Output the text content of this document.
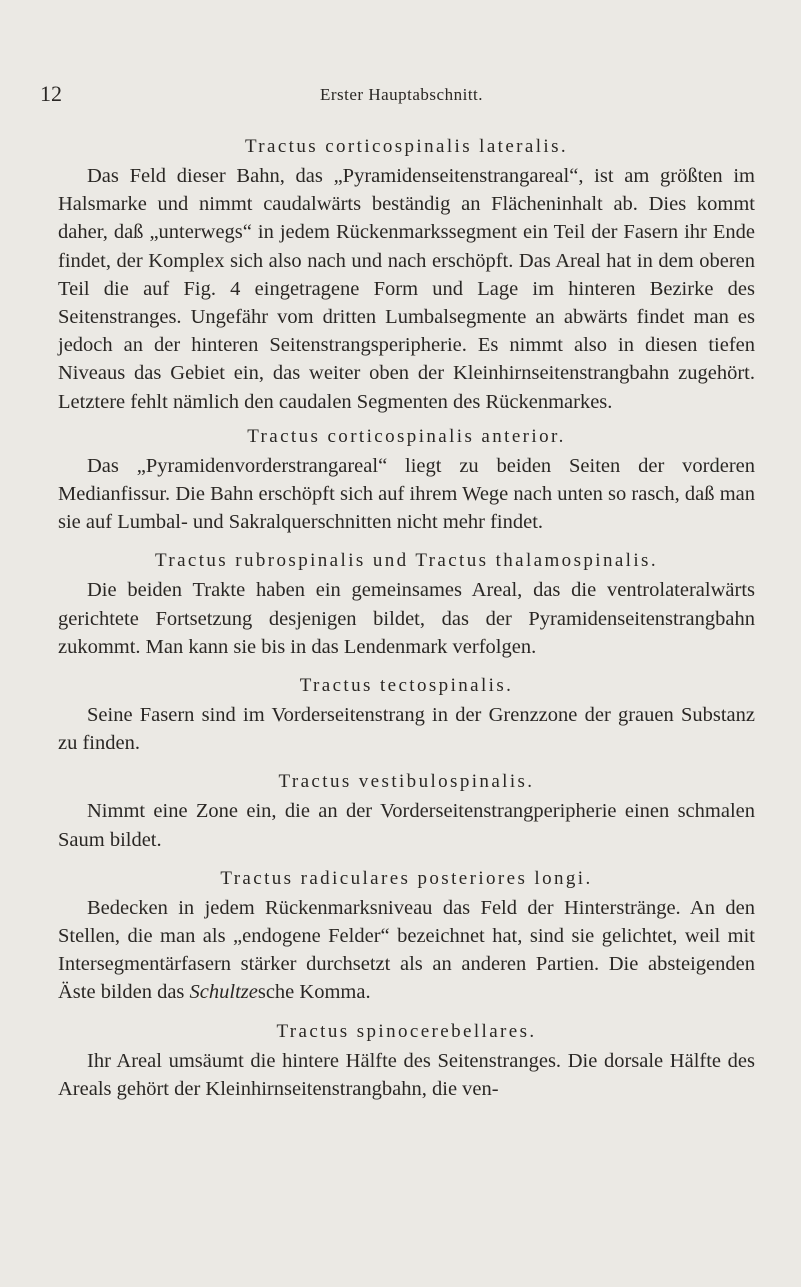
12	Erster Hauptabschnitt.

Tractus corticospinalis lateralis.

Das Feld dieser Bahn, das „Pyramidenseitenstrangareal“, ist am größten im Halsmarke und nimmt caudalwärts beständig an Flächeninhalt ab. Dies kommt daher, daß „unterwegs“ in jedem Rückenmarkssegment ein Teil der Fasern ihr Ende findet, der Komplex sich also nach und nach erschöpft. Das Areal hat in dem oberen Teil die auf Fig. 4 eingetragene Form und Lage im hinteren Bezirke des Seitenstranges. Ungefähr vom dritten Lumbalsegmente an abwärts findet man es jedoch an der hinteren Seitenstrangsperipherie. Es nimmt also in diesen tiefen Niveaus das Gebiet ein, das weiter oben der Kleinhirnseitenstrangbahn zugehört. Letztere fehlt nämlich den caudalen Segmenten des Rückenmarkes.

Tractus corticospinalis anterior.

Das „Pyramidenvorderstrangareal“ liegt zu beiden Seiten der vorderen Medianfissur. Die Bahn erschöpft sich auf ihrem Wege nach unten so rasch, daß man sie auf Lumbal- und Sakralquerschnitten nicht mehr findet.

Tractus rubrospinalis und Tractus thalamospinalis.

Die beiden Trakte haben ein gemeinsames Areal, das die ventrolateralwärts gerichtete Fortsetzung desjenigen bildet, das der Pyramidenseitenstrangbahn zukommt. Man kann sie bis in das Lendenmark verfolgen.

Tractus tectospinalis.

Seine Fasern sind im Vorderseitenstrang in der Grenzzone der grauen Substanz zu finden.

Tractus vestibulospinalis.

Nimmt eine Zone ein, die an der Vorderseitenstrangperipherie einen schmalen Saum bildet.

Tractus radiculares posteriores longi.

Bedecken in jedem Rückenmarksniveau das Feld der Hinterstränge. An den Stellen, die man als „endogene Felder“ bezeichnet hat, sind sie gelichtet, weil mit Intersegmentärfasern stärker durchsetzt als an anderen Partien. Die absteigenden Äste bilden das Schultzesche Komma.

Tractus spinocerebellares.

Ihr Areal umsäumt die hintere Hälfte des Seitenstranges. Die dorsale Hälfte des Areals gehört der Kleinhirnseitenstrangbahn, die ven-
